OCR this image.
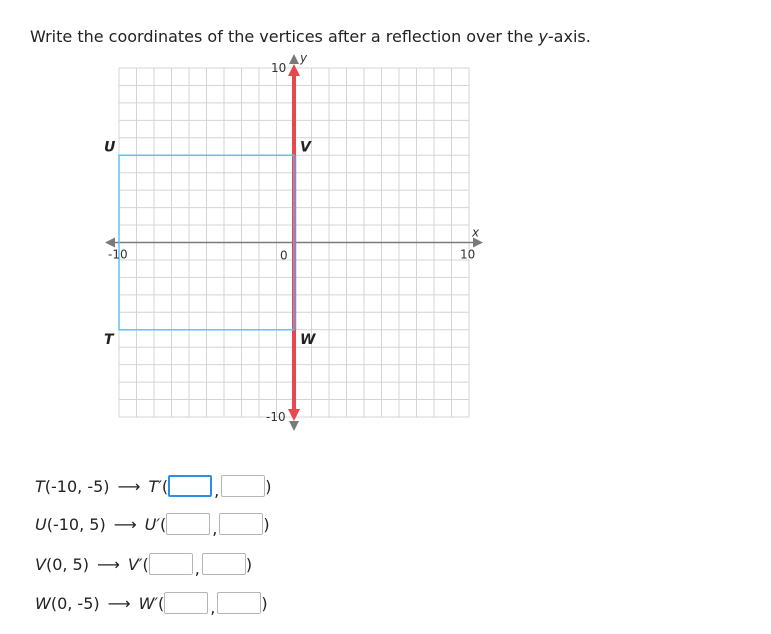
Write the coordinates of the vertices after a reflection over the y-axis.
U	V
W
T
-10	10
0
10
-10
x
y
T (-10, -5) ⟶ T′ (	,	)
U (-10, 5) ⟶ U′ (	,	)
V (0, 5) ⟶ V′ (	,	)
W (0, -5) ⟶ W′ (	,	)
